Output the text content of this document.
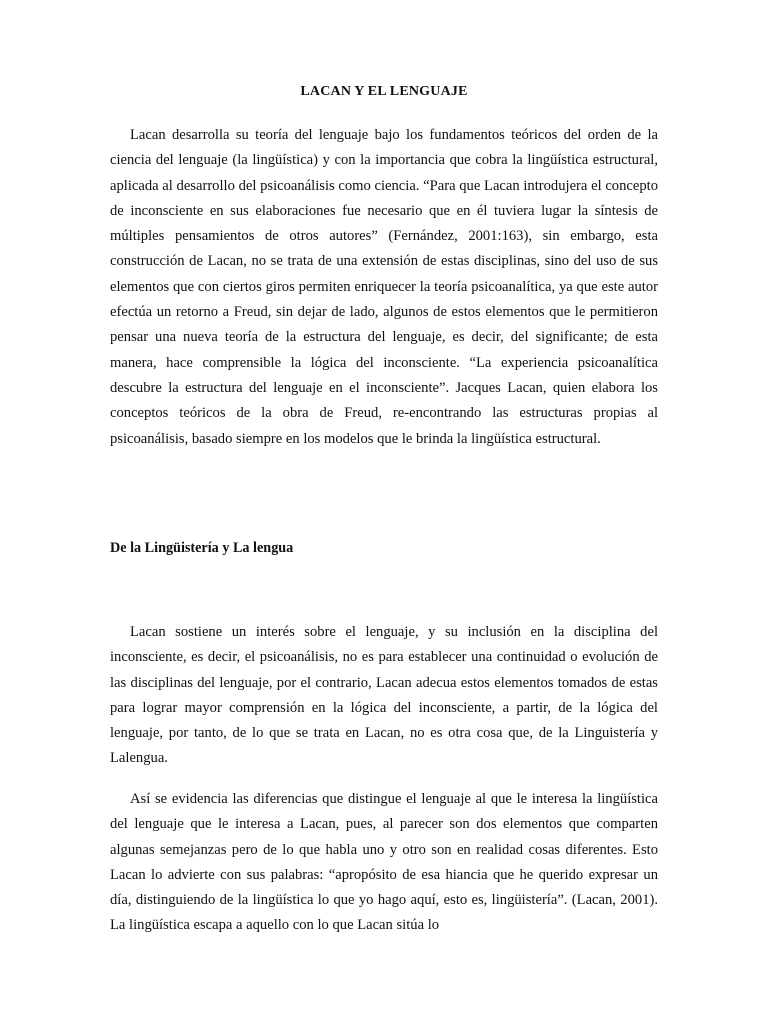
LACAN Y EL LENGUAJE

Lacan desarrolla su teoría del lenguaje bajo los fundamentos teóricos del orden de la ciencia del lenguaje (la lingüística) y con la importancia que cobra la lingüística estructural, aplicada al desarrollo del psicoanálisis como ciencia. “Para que Lacan introdujera el concepto de inconsciente en sus elaboraciones fue necesario que en él tuviera lugar la síntesis de múltiples pensamientos de otros autores” (Fernández, 2001:163), sin embargo, esta construcción de Lacan, no se trata de una extensión de estas disciplinas, sino del uso de sus elementos que con ciertos giros permiten enriquecer la teoría psicoanalítica, ya que este autor efectúa un retorno a Freud, sin dejar de lado, algunos de estos elementos que le permitieron pensar una nueva teoría de la estructura del lenguaje, es decir, del significante; de esta manera, hace comprensible la lógica del inconsciente. “La experiencia psicoanalítica descubre la estructura del lenguaje en el inconsciente”. Jacques Lacan, quien elabora los conceptos teóricos de la obra de Freud, re-encontrando las estructuras propias al psicoanálisis, basado siempre en los modelos que le brinda la lingüística estructural.

De la Lingüistería y La lengua

Lacan sostiene un interés sobre el lenguaje, y su inclusión en la disciplina del inconsciente, es decir, el psicoanálisis, no es para establecer una continuidad o evolución de las disciplinas del lenguaje, por el contrario, Lacan adecua estos elementos tomados de estas para lograr mayor comprensión en la lógica del inconsciente, a partir, de la lógica del lenguaje, por tanto, de lo que se trata en Lacan, no es otra cosa que, de la Linguistería y Lalengua.

Así se evidencia las diferencias que distingue el lenguaje al que le interesa la lingüística del lenguaje que le interesa a Lacan, pues, al parecer son dos elementos que comparten algunas semejanzas pero de lo que habla uno y otro son en realidad cosas diferentes. Esto Lacan lo advierte con sus palabras: “apropósito de esa hiancia que he querido expresar un día, distinguiendo de la lingüística lo que yo hago aquí, esto es, lingüistería”. (Lacan, 2001). La lingüística escapa a aquello con lo que Lacan sitúa lo
